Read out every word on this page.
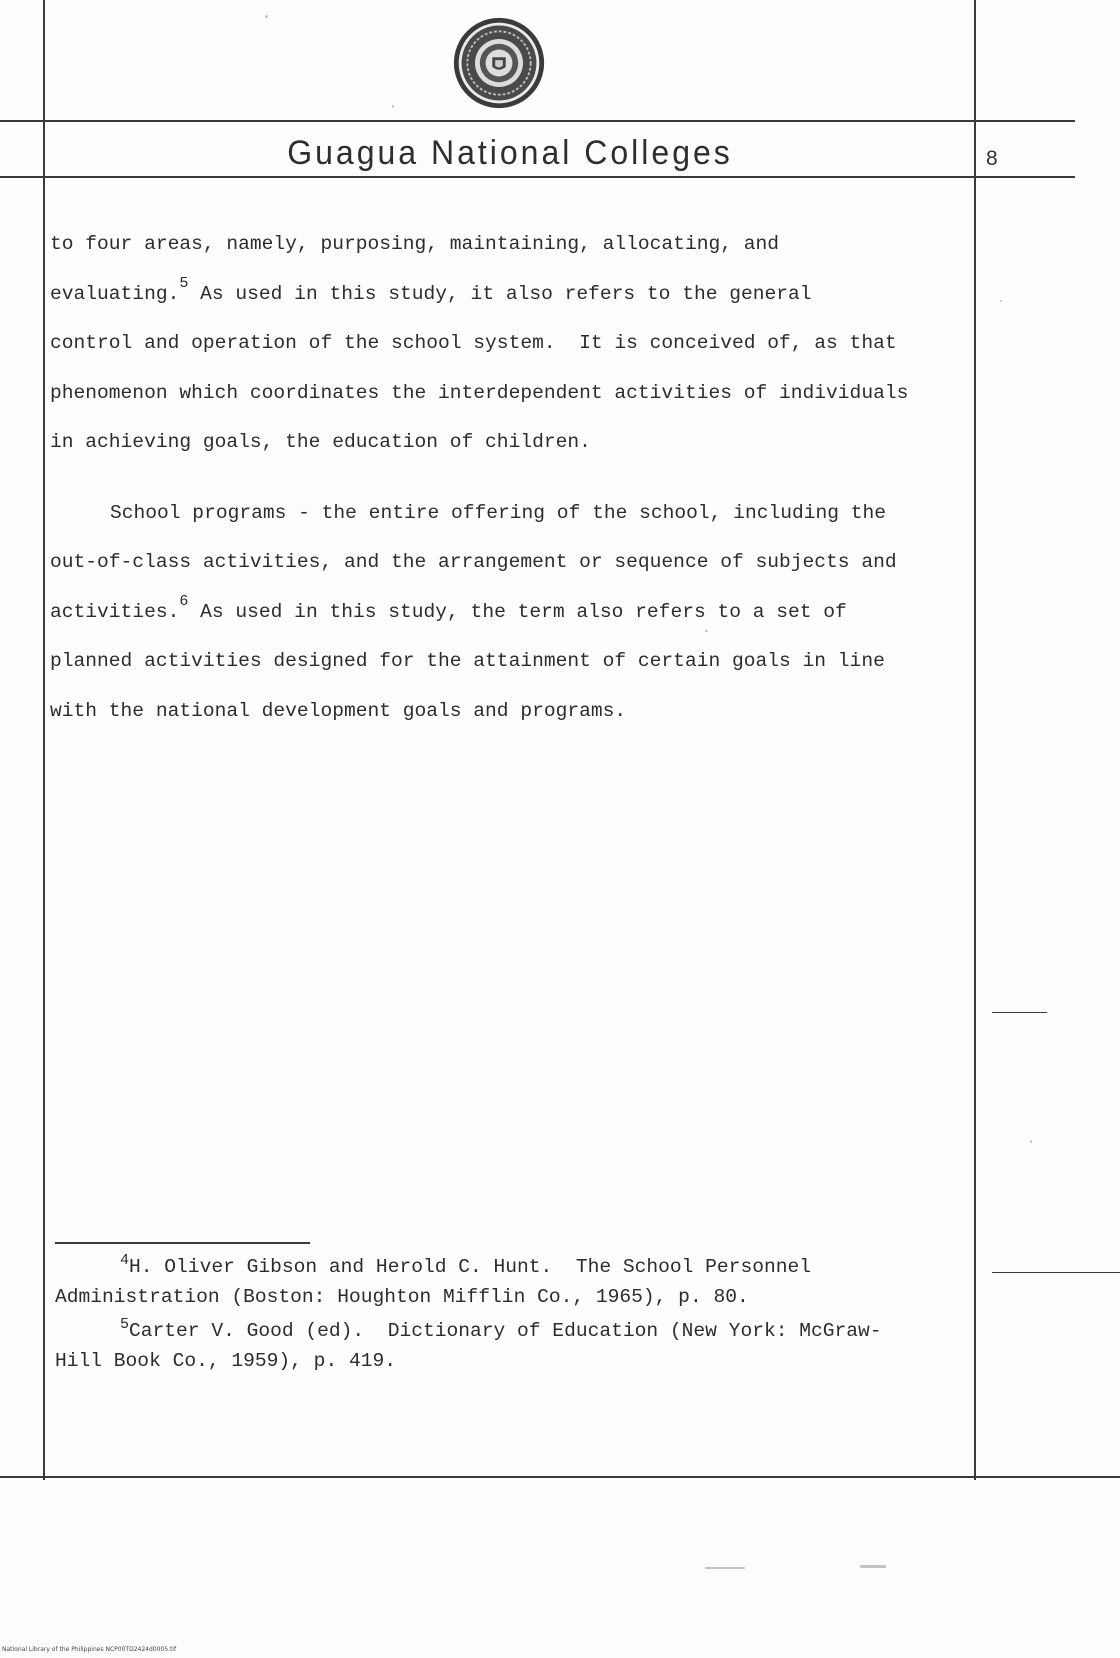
Guagua National Colleges	8
to four areas, namely, purposing, maintaining, allocating, and
evaluating.$^5$ As used in this study, it also refers to the general
control and operation of the school system.  It is conceived of, as that
phenomenon which coordinates the interdependent activities of individuals
in achieving goals, the education of children.
School programs - the entire offering of the school, including the
out-of-class activities, and the arrangement or sequence of subjects and
activities.$^6$ As used in this study, the term also refers to a set of
planned activities designed for the attainment of certain goals in line
with the national development goals and programs.
$^4$H. Oliver Gibson and Herold C. Hunt.  The School Personnel
Administration (Boston: Houghton Mifflin Co., 1965), p. 80.
$^5$Carter V. Good (ed).  Dictionary of Education (New York: McGraw-
Hill Book Co., 1959), p. 419.
National Library of the Philippines NCP00TD2424d0005.tif
